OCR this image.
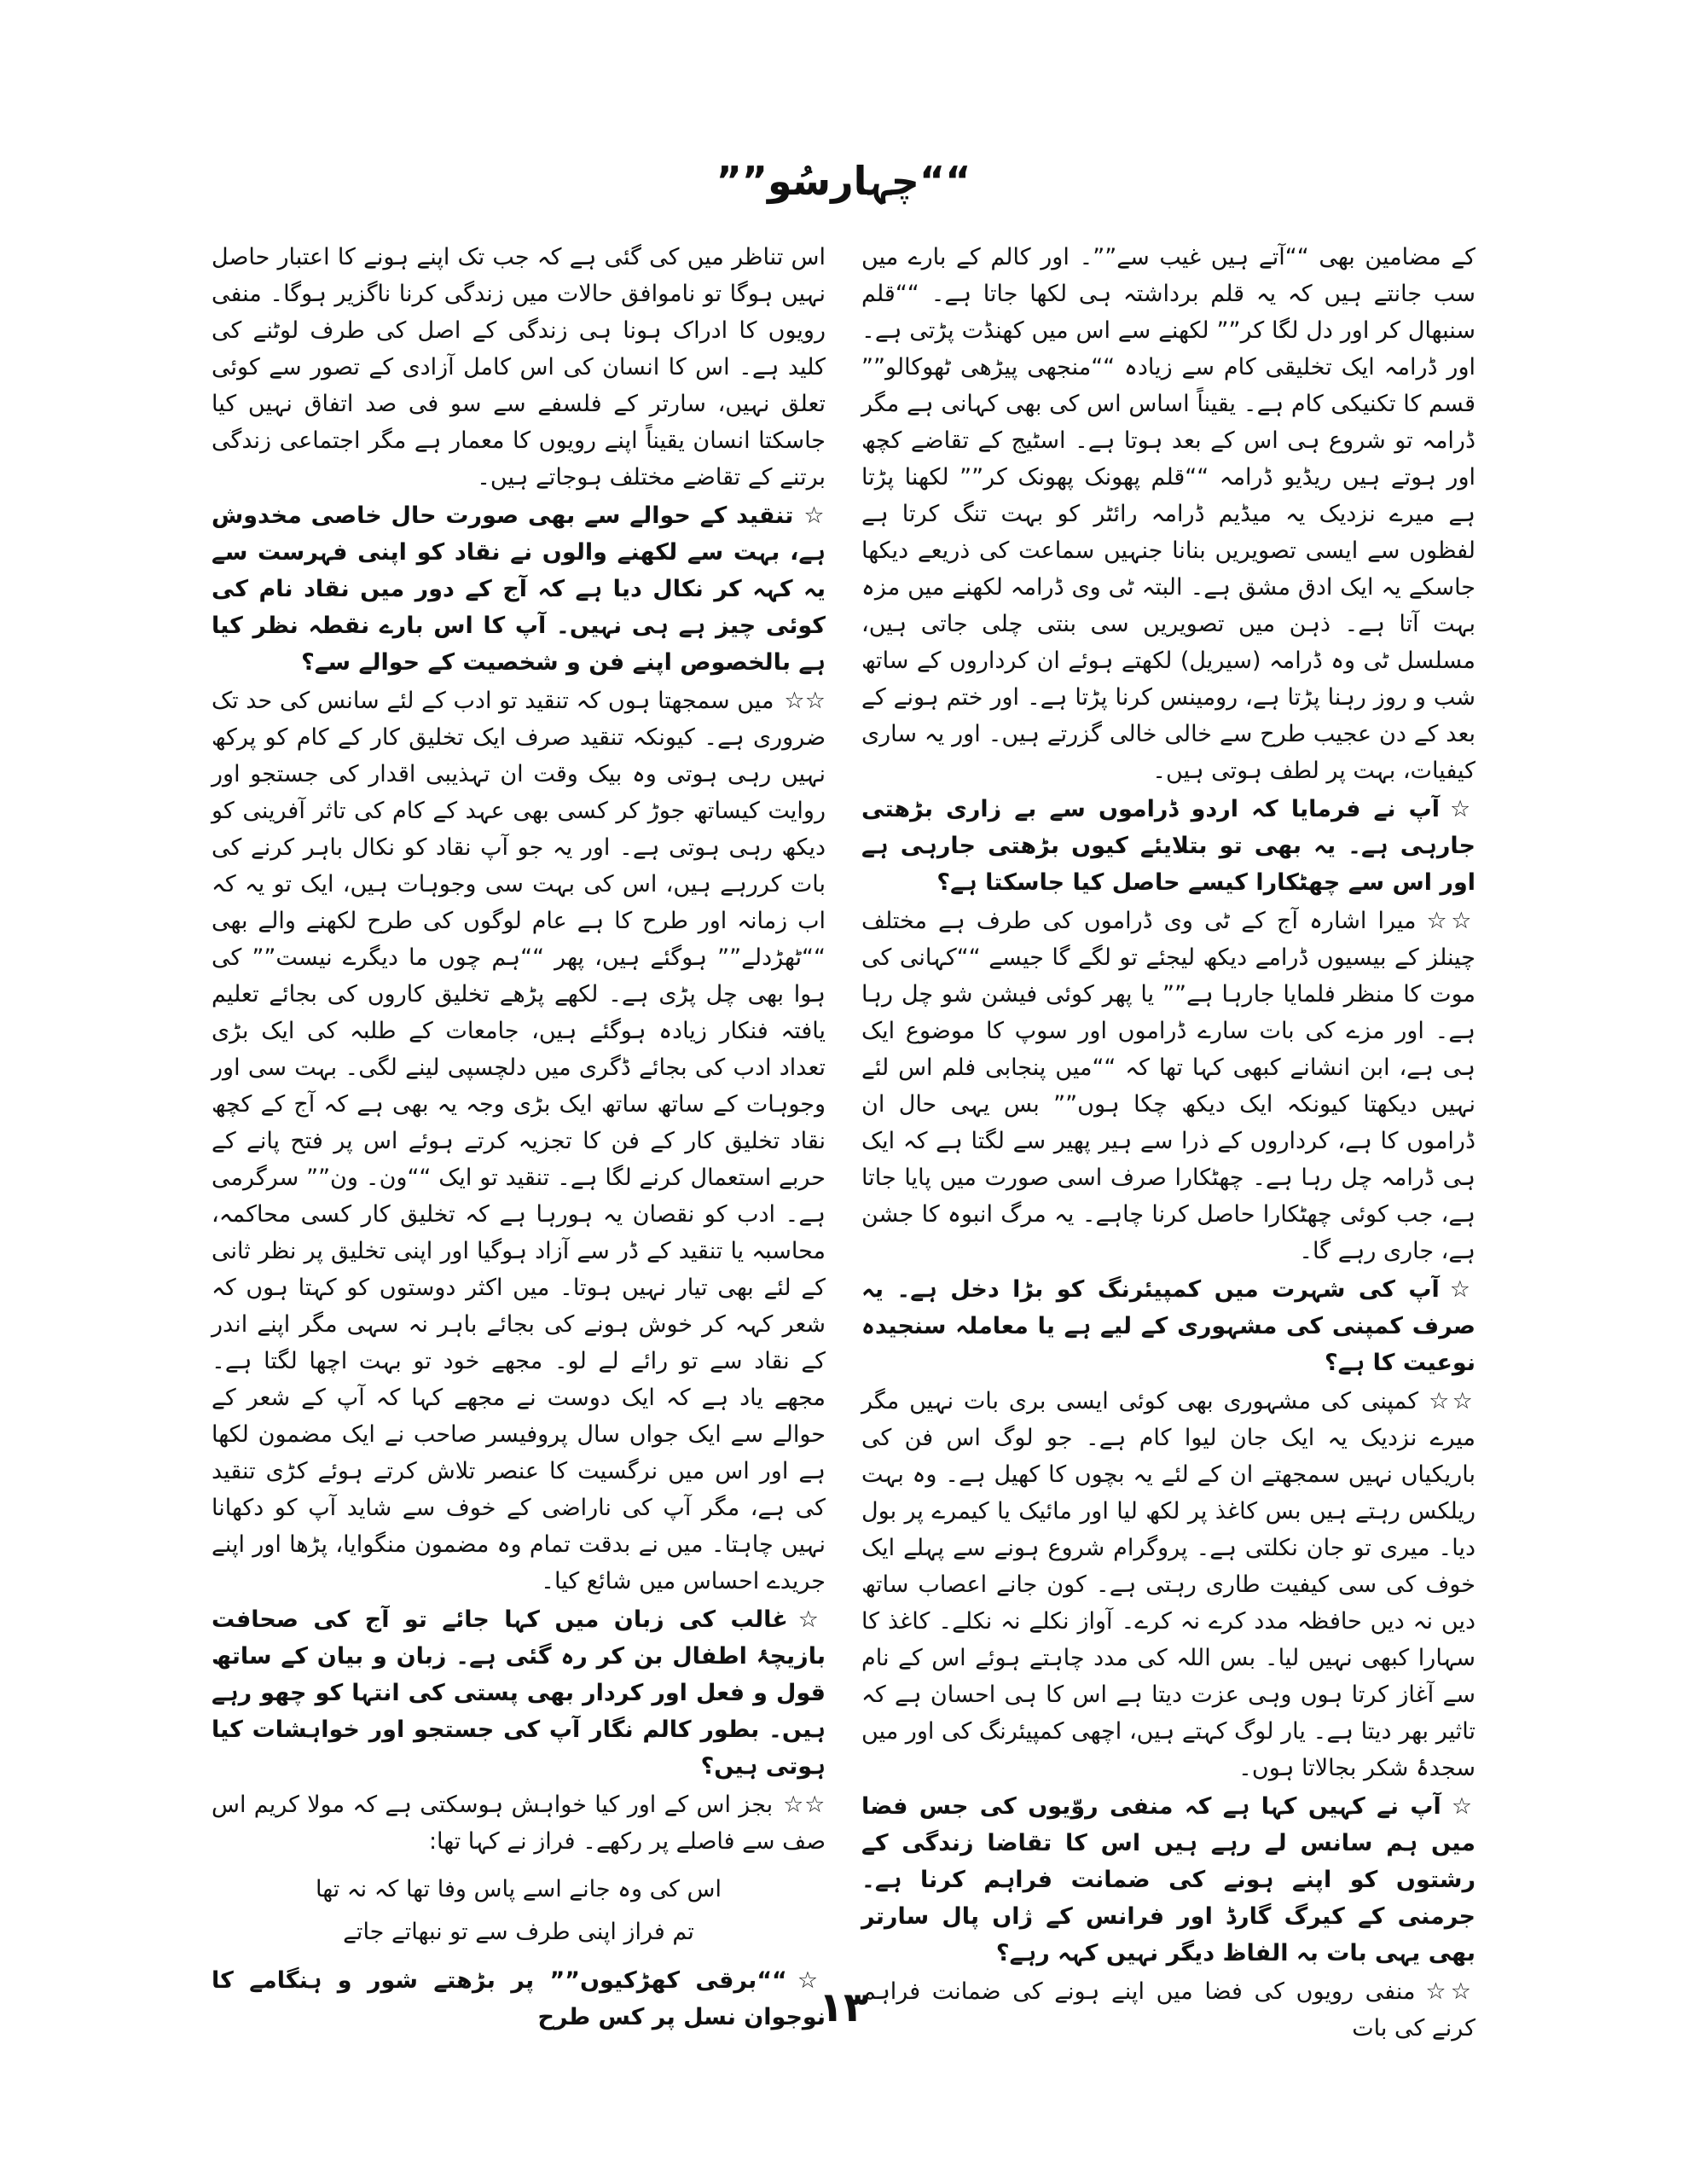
““چہارسُو””

کے مضامین بھی ““آتے ہیں غیب سے””۔ اور کالم کے بارے میں سب جانتے ہیں کہ یہ قلم برداشتہ ہی لکھا جاتا ہے۔ ““قلم سنبھال کر اور دل لگا کر”” لکھنے سے اس میں کھنڈت پڑتی ہے۔ اور ڈرامہ ایک تخلیقی کام سے زیادہ ““منجھی پیڑھی ٹھوکالو”” قسم کا تکنیکی کام ہے۔ یقیناً اساس اس کی بھی کہانی ہے مگر ڈرامہ تو شروع ہی اس کے بعد ہوتا ہے۔ اسٹیج کے تقاضے کچھ اور ہوتے ہیں ریڈیو ڈرامہ ““قلم پھونک پھونک کر”” لکھنا پڑتا ہے میرے نزدیک یہ میڈیم ڈرامہ رائٹر کو بہت تنگ کرتا ہے لفظوں سے ایسی تصویریں بنانا جنہیں سماعت کی ذریعے دیکھا جاسکے یہ ایک ادق مشق ہے۔ البتہ ٹی وی ڈرامہ لکھنے میں مزہ بہت آتا ہے۔ ذہن میں تصویریں سی بنتی چلی جاتی ہیں، مسلسل ٹی وہ ڈرامہ (سیریل) لکھتے ہوئے ان کرداروں کے ساتھ شب و روز رہنا پڑتا ہے، رومینس کرنا پڑتا ہے۔ اور ختم ہونے کے بعد کے دن عجیب طرح سے خالی خالی گزرتے ہیں۔ اور یہ ساری کیفیات، بہت پر لطف ہوتی ہیں۔

☆آپ نے فرمایا کہ اردو ڈراموں سے بے زاری بڑھتی جارہی ہے۔ یہ بھی تو بتلایئے کیوں بڑھتی جارہی ہے اور اس سے چھٹکارا کیسے حاصل کیا جاسکتا ہے؟

☆☆میرا اشارہ آج کے ٹی وی ڈراموں کی طرف ہے مختلف چینلز کے بیسیوں ڈرامے دیکھ لیجئے تو لگے گا جیسے ““کہانی کی موت کا منظر فلمایا جارہا ہے”” یا پھر کوئی فیشن شو چل رہا ہے۔ اور مزے کی بات سارے ڈراموں اور سوپ کا موضوع ایک ہی ہے، ابن انشانے کبھی کہا تھا کہ ““میں پنجابی فلم اس لئے نہیں دیکھتا کیونکہ ایک دیکھ چکا ہوں”” بس یہی حال ان ڈراموں کا ہے، کرداروں کے ذرا سے ہیر پھیر سے لگتا ہے کہ ایک ہی ڈرامہ چل رہا ہے۔ چھٹکارا صرف اسی صورت میں پایا جاتا ہے، جب کوئی چھٹکارا حاصل کرنا چاہے۔ یہ مرگ انبوہ کا جشن ہے، جاری رہے گا۔

☆آپ کی شہرت میں کمپیئرنگ کو بڑا دخل ہے۔ یہ صرف کمپنی کی مشہوری کے لیے ہے یا معاملہ سنجیدہ نوعیت کا ہے؟

☆☆کمپنی کی مشہوری بھی کوئی ایسی بری بات نہیں مگر میرے نزدیک یہ ایک جان لیوا کام ہے۔ جو لوگ اس فن کی باریکیاں نہیں سمجھتے ان کے لئے یہ بچوں کا کھیل ہے۔ وہ بہت ریلکس رہتے ہیں بس کاغذ پر لکھ لیا اور مائیک یا کیمرے پر بول دیا۔ میری تو جان نکلتی ہے۔ پروگرام شروع ہونے سے پہلے ایک خوف کی سی کیفیت طاری رہتی ہے۔ کون جانے اعصاب ساتھ دیں نہ دیں حافظہ مدد کرے نہ کرے۔ آواز نکلے نہ نکلے۔ کاغذ کا سہارا کبھی نہیں لیا۔ بس اللہ کی مدد چاہتے ہوئے اس کے نام سے آغاز کرتا ہوں وہی عزت دیتا ہے اس کا ہی احسان ہے کہ تاثیر بھر دیتا ہے۔ یار لوگ کہتے ہیں، اچھی کمپیئرنگ کی اور میں سجدۂ شکر بجالاتا ہوں۔

☆آپ نے کہیں کہا ہے کہ منفی روّیوں کی جس فضا میں ہم سانس لے رہے ہیں اس کا تقاضا زندگی کے رشتوں کو اپنے ہونے کی ضمانت فراہم کرنا ہے۔ جرمنی کے کیرگ گارڈ اور فرانس کے ژاں پال سارتر بھی یہی بات بہ الفاظ دیگر نہیں کہہ رہے؟

☆☆منفی رویوں کی فضا میں اپنے ہونے کی ضمانت فراہم کرنے کی بات

اس تناظر میں کی گئی ہے کہ جب تک اپنے ہونے کا اعتبار حاصل نہیں ہوگا تو ناموافق حالات میں زندگی کرنا ناگزیر ہوگا۔ منفی رویوں کا ادراک ہونا ہی زندگی کے اصل کی طرف لوٹنے کی کلید ہے۔ اس کا انسان کی اس کامل آزادی کے تصور سے کوئی تعلق نہیں، سارتر کے فلسفے سے سو فی صد اتفاق نہیں کیا جاسکتا انسان یقیناً اپنے رویوں کا معمار ہے مگر اجتماعی زندگی برتنے کے تقاضے مختلف ہوجاتے ہیں۔

☆تنقید کے حوالے سے بھی صورت حال خاصی مخدوش ہے، بہت سے لکھنے والوں نے نقاد کو اپنی فہرست سے یہ کہہ کر نکال دیا ہے کہ آج کے دور میں نقاد نام کی کوئی چیز ہے ہی نہیں۔ آپ کا اس بارے نقطہ نظر کیا ہے بالخصوص اپنے فن و شخصیت کے حوالے سے؟

☆☆میں سمجھتا ہوں کہ تنقید تو ادب کے لئے سانس کی حد تک ضروری ہے۔ کیونکہ تنقید صرف ایک تخلیق کار کے کام کو پرکھ نہیں رہی ہوتی وہ بیک وقت ان تہذیبی اقدار کی جستجو اور روایت کیساتھ جوڑ کر کسی بھی عہد کے کام کی تاثر آفرینی کو دیکھ رہی ہوتی ہے۔ اور یہ جو آپ نقاد کو نکال باہر کرنے کی بات کررہے ہیں، اس کی بہت سی وجوہات ہیں، ایک تو یہ کہ اب زمانہ اور طرح کا ہے عام لوگوں کی طرح لکھنے والے بھی ““ٹھڑدلے”” ہوگئے ہیں، پھر ““ہم چوں ما دیگرے نیست”” کی ہوا بھی چل پڑی ہے۔ لکھے پڑھے تخلیق کاروں کی بجائے تعلیم یافتہ فنکار زیادہ ہوگئے ہیں، جامعات کے طلبہ کی ایک بڑی تعداد ادب کی بجائے ڈگری میں دلچسپی لینے لگی۔ بہت سی اور وجوہات کے ساتھ ساتھ ایک بڑی وجہ یہ بھی ہے کہ آج کے کچھ نقاد تخلیق کار کے فن کا تجزیہ کرتے ہوئے اس پر فتح پانے کے حربے استعمال کرنے لگا ہے۔ تنقید تو ایک ““ون۔ ون”” سرگرمی ہے۔ ادب کو نقصان یہ ہورہا ہے کہ تخلیق کار کسی محاکمہ، محاسبہ یا تنقید کے ڈر سے آزاد ہوگیا اور اپنی تخلیق پر نظر ثانی کے لئے بھی تیار نہیں ہوتا۔ میں اکثر دوستوں کو کہتا ہوں کہ شعر کہہ کر خوش ہونے کی بجائے باہر نہ سہی مگر اپنے اندر کے نقاد سے تو رائے لے لو۔ مجھے خود تو بہت اچھا لگتا ہے۔ مجھے یاد ہے کہ ایک دوست نے مجھے کہا کہ آپ کے شعر کے حوالے سے ایک جواں سال پروفیسر صاحب نے ایک مضمون لکھا ہے اور اس میں نرگسیت کا عنصر تلاش کرتے ہوئے کڑی تنقید کی ہے، مگر آپ کی ناراضی کے خوف سے شاید آپ کو دکھانا نہیں چاہتا۔ میں نے بدقت تمام وہ مضمون منگوایا، پڑھا اور اپنے جریدے احساس میں شائع کیا۔

☆غالب کی زبان میں کہا جائے تو آج کی صحافت بازیچۂ اطفال بن کر رہ گئی ہے۔ زبان و بیان کے ساتھ قول و فعل اور کردار بھی پستی کی انتہا کو چھو رہے ہیں۔ بطور کالم نگار آپ کی جستجو اور خواہشات کیا ہوتی ہیں؟

☆☆بجز اس کے اور کیا خواہش ہوسکتی ہے کہ مولا کریم اس صف سے فاصلے پر رکھے۔ فراز نے کہا تھا:

اس کی وہ جانے اسے پاس وفا تھا کہ نہ تھا
تم فراز اپنی طرف سے تو نبھاتے جاتے

☆““برقی کھڑکیوں”” پر بڑھتے شور و ہنگامے کا نوجوان نسل پر کس طرح

۱۳
